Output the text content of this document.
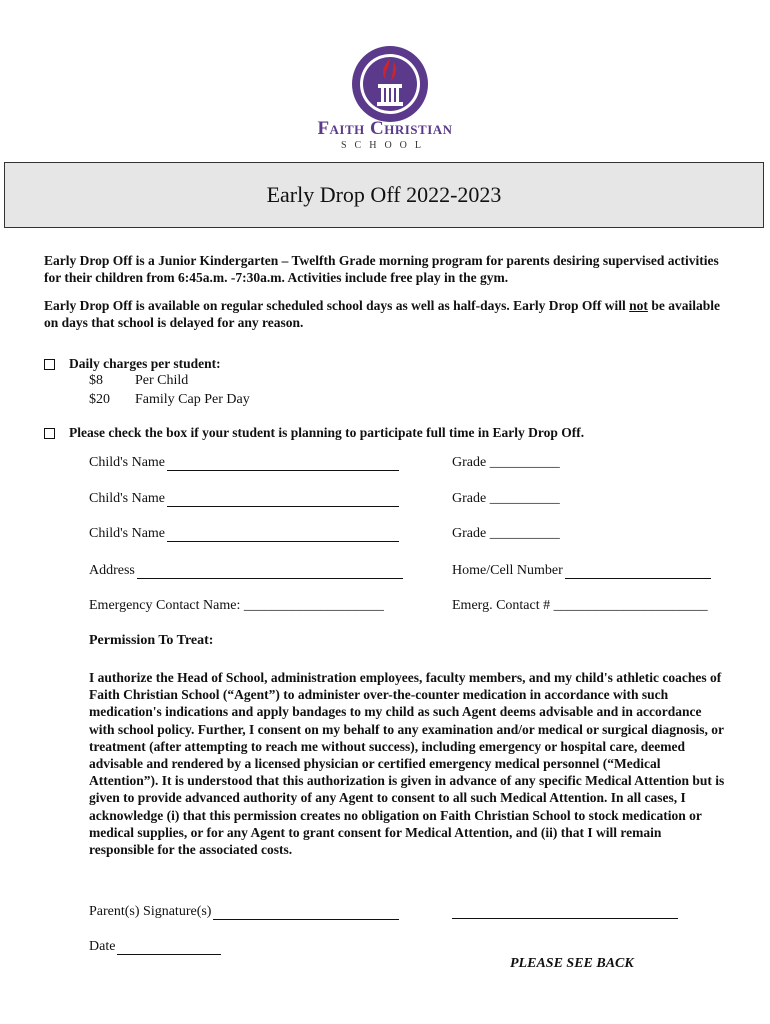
Faith Christian
SCHOOL
Early Drop Off 2022-2023
Early Drop Off is a Junior Kindergarten – Twelfth Grade morning program for parents desiring supervised activities for their children from 6:45a.m. -7:30a.m. Activities include free play in the gym.
Early Drop Off is available on regular scheduled school days as well as half-days. Early Drop Off will not be available on days that school is delayed for any reason.
Daily charges per student:
$8	Per Child
$20	Family Cap Per Day
Please check the box if your student is planning to participate full time in Early Drop Off.
Child's Name	Grade __________
Child's Name	Grade __________
Child's Name	Grade __________
Address	Home/Cell Number
Emergency Contact Name: ____________________	Emerg. Contact # ______________________
Permission To Treat:
I authorize the Head of School, administration employees, faculty members, and my child's athletic coaches of Faith Christian School (“Agent”) to administer over-the-counter medication in accordance with such medication's indications and apply bandages to my child as such Agent deems advisable and in accordance with school policy. Further, I consent on my behalf to any examination and/or medical or surgical diagnosis, or treatment (after attempting to reach me without success), including emergency or hospital care, deemed advisable and rendered by a licensed physician or certified emergency medical personnel (“Medical Attention”). It is understood that this authorization is given in advance of any specific Medical Attention but is given to provide advanced authority of any Agent to consent to all such Medical Attention. In all cases, I acknowledge (i) that this permission creates no obligation on Faith Christian School to stock medication or medical supplies, or for any Agent to grant consent for Medical Attention, and (ii) that I will remain responsible for the associated costs.
Parent(s) Signature(s)
Date
PLEASE SEE BACK
